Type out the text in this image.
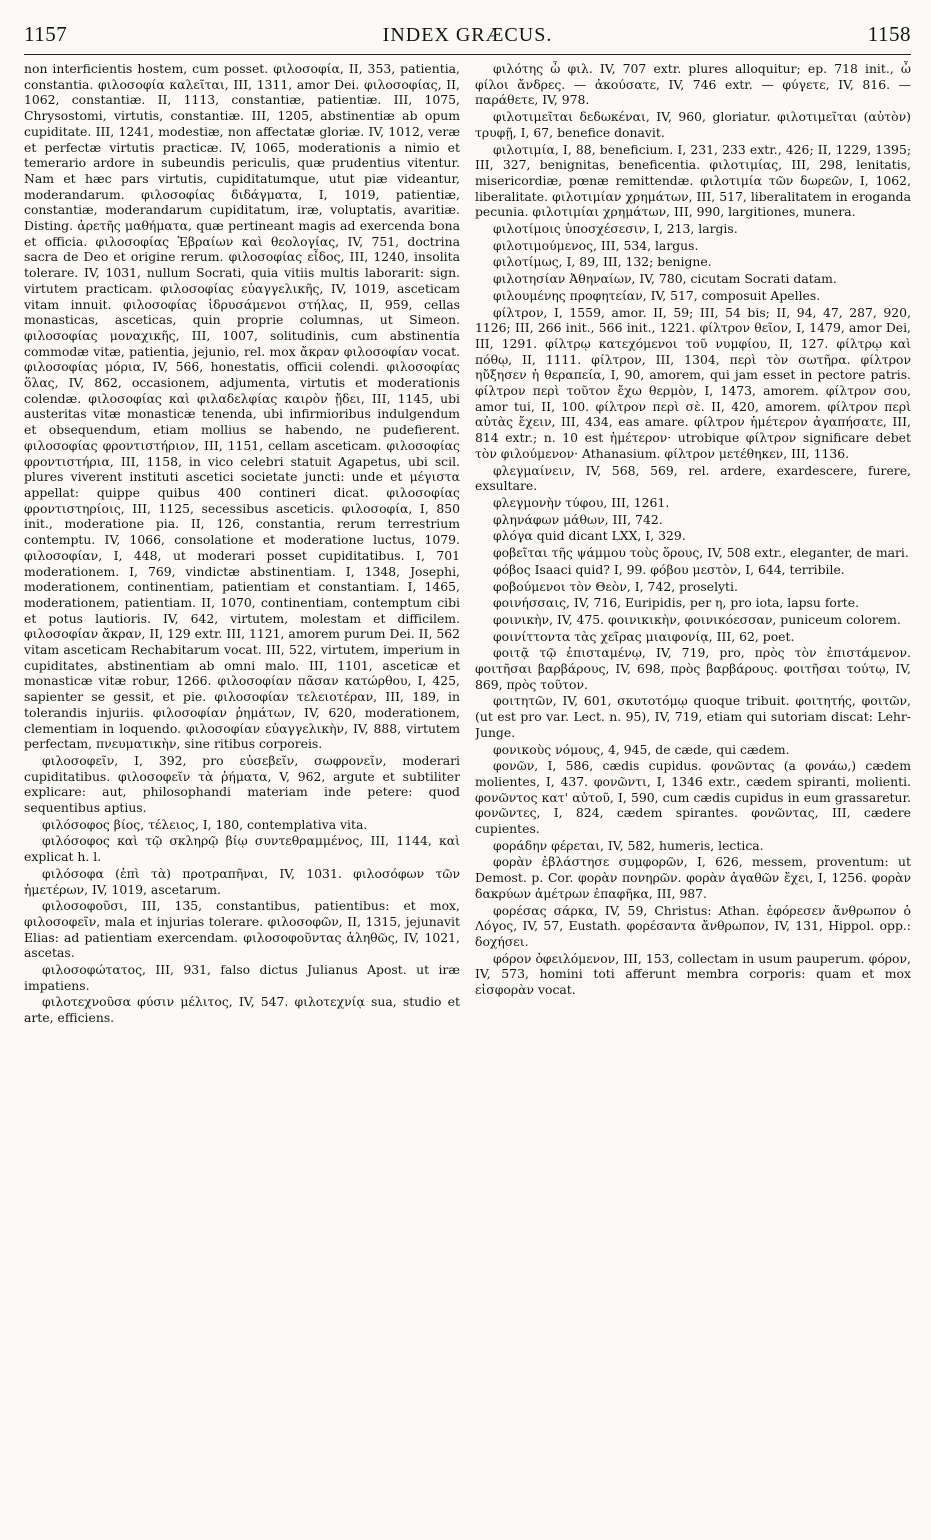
1157	INDEX GRÆCUS.	1158

non interficientis hostem, cum posset. φιλοσοφία, II, 353, patientia, constantia. φιλοσοφία καλεῖται, III, 1311, amor Dei. φιλοσοφίας, II, 1062, constantiæ. II, 1113, constantiæ, patientiæ. III, 1075, Chrysostomi, virtutis, constantiæ. III, 1205, abstinentiæ ab opum cupiditate. III, 1241, modestiæ, non affectatæ gloriæ. IV, 1012, veræ et perfectæ virtutis practicæ. IV, 1065, moderationis a nimio et temerario ardore in subeundis periculis, quæ prudentius vitentur. Nam et hæc pars virtutis, cupiditatumque, utut piæ videantur, moderandarum. φιλοσοφίας διδάγματα, I, 1019, patientiæ, constantiæ, moderandarum cupiditatum, iræ, voluptatis, avaritiæ. Disting. ἀρετῆς μαθήματα, quæ pertineant magis ad exercenda bona et officia. φιλοσοφίας Ἑβραίων καὶ θεολογίας, IV, 751, doctrina sacra de Deo et origine rerum. φιλοσοφίας εἶδος, III, 1240, insolita tolerare. IV, 1031, nullum Socrati, quia vitiis multis laborarit: sign. virtutem practicam. φιλοσοφίας εὐαγγελικῆς, IV, 1019, asceticam vitam innuit. φιλοσοφίας ἱδρυσάμενοι στήλας, II, 959, cellas monasticas, asceticas, quin proprie columnas, ut Simeon. φιλοσοφίας μοναχικῆς, III, 1007, solitudinis, cum abstinentia commodæ vitæ, patientia, jejunio, rel. mox ἄκραν φιλοσοφίαν vocat. φιλοσοφίας μόρια, IV, 566, honestatis, officii colendi. φιλοσοφίας ὅλας, IV, 862, occasionem, adjumenta, virtutis et moderationis colendæ. φιλοσοφίας καὶ φιλαδελφίας καιρὸν ᾔδει, III, 1145, ubi austeritas vitæ monasticæ tenenda, ubi infirmioribus indulgendum et obsequendum, etiam mollius se habendo, ne pudefierent. φιλοσοφίας φροντιστήριον, III, 1151, cellam asceticam. φιλοσοφίας φροντιστήρια, III, 1158, in vico celebri statuit Agapetus, ubi scil. plures viverent instituti ascetici societate juncti: unde et μέγιστα appellat: quippe quibus 400 contineri dicat. φιλοσοφίας φροντιστηρίοις, III, 1125, secessibus asceticis. φιλοσοφία, I, 850 init., moderatione pia. II, 126, constantia, rerum terrestrium contemptu. IV, 1066, consolatione et moderatione luctus, 1079. φιλοσοφίαν, I, 448, ut moderari posset cupiditatibus. I, 701 moderationem. I, 769, vindictæ abstinentiam. I, 1348, Josephi, moderationem, continentiam, patientiam et constantiam. I, 1465, moderationem, patientiam. II, 1070, continentiam, contemptum cibi et potus lautioris. IV, 642, virtutem, molestam et difficilem. φιλοσοφίαν ἄκραν, II, 129 extr. III, 1121, amorem purum Dei. II, 562 vitam asceticam Rechabitarum vocat. III, 522, virtutem, imperium in cupiditates, abstinentiam ab omni malo. III, 1101, asceticæ et monasticæ vitæ robur, 1266. φιλοσοφίαν πᾶσαν κατώρθου, I, 425, sapienter se gessit, et pie. φιλοσοφίαν τελειοτέραν, III, 189, in tolerandis injuriis. φιλοσοφίαν ῥημάτων, IV, 620, moderationem, clementiam in loquendo. φιλοσοφίαν εὐαγγελικὴν, IV, 888, virtutem perfectam, πνευματικὴν, sine ritibus corporeis.

φιλοσοφεῖν, I, 392, pro εὐσεβεῖν, σωφρονεῖν, moderari cupiditatibus. φιλοσοφεῖν τὰ ῥήματα, V, 962, argute et subtiliter explicare: aut, philosophandi materiam inde petere: quod sequentibus aptius.

φιλόσοφος βίος, τέλειος, I, 180, contemplativa vita.

φιλόσοφος καὶ τῷ σκληρῷ βίῳ συντεθραμμένος, III, 1144, καὶ explicat h. l.

φιλόσοφα (ἐπὶ τὰ) προτραπῆναι, IV, 1031. φιλοσόφων τῶν ἡμετέρων, IV, 1019, ascetarum.

φιλοσοφοῦσι, III, 135, constantibus, patientibus: et mox, φιλοσοφεῖν, mala et injurias tolerare. φιλοσοφῶν, II, 1315, jejunavit Elias: ad patientiam exercendam. φιλοσοφοῦντας ἀληθῶς, IV, 1021, ascetas.

φιλοσοφώτατος, III, 931, falso dictus Julianus Apost. ut iræ impatiens.

φιλοτεχνοῦσα φύσιν μέλιτος, IV, 547. φιλοτεχνίᾳ sua, studio et arte, efficiens.

φιλότης ὦ φιλ. IV, 707 extr. plures alloquitur; ep. 718 init., ὦ φίλοι ἄνδρες. — ἀκούσατε, IV, 746 extr. — φύγετε, IV, 816. — παράθετε, IV, 978.

φιλοτιμεῖται δεδωκέναι, IV, 960, gloriatur. φιλοτιμεῖται (αὐτὸν) τρυφῇ, I, 67, benefice donavit.

φιλοτιμία, I, 88, beneficium. I, 231, 233 extr., 426; II, 1229, 1395; III, 327, benignitas, beneficentia. φιλοτιμίας, III, 298, lenitatis, misericordiæ, pœnæ remittendæ. φιλοτιμία τῶν δωρεῶν, I, 1062, liberalitate. φιλοτιμίαν χρημάτων, III, 517, liberalitatem in eroganda pecunia. φιλοτιμίαι χρημάτων, III, 990, largitiones, munera.

φιλοτίμοις ὑποσχέσεσιν, I, 213, largis.

φιλοτιμούμενος, III, 534, largus.

φιλοτίμως, I, 89, III, 132; benigne.

φιλοτησίαν Ἀθηναίων, IV, 780, cicutam Socrati datam.

φιλουμένης προφητείαν, IV, 517, composuit Apelles.

φίλτρον, I, 1559, amor. II, 59; III, 54 bis; II, 94, 47, 287, 920, 1126; III, 266 init., 566 init., 1221. φίλτρον θεῖον, I, 1479, amor Dei, III, 1291. φίλτρῳ κατεχόμενοι τοῦ νυμφίου, II, 127. φίλτρῳ καὶ πόθῳ, II, 1111. φίλτρον, III, 1304, περὶ τὸν σωτῆρα. φίλτρον ηὔξησεν ἡ θεραπεία, I, 90, amorem, qui jam esset in pectore patris. φίλτρον περὶ τοῦτον ἔχω θερμὸν, I, 1473, amorem. φίλτρον σου, amor tui, II, 100. φίλτρον περὶ σὲ. II, 420, amorem. φίλτρον περὶ αὐτὰς ἔχειν, III, 434, eas amare. φίλτρον ἡμέτερον ἀγαπήσατε, III, 814 extr.; n. 10 est ἡμέτερον· utrobique φίλτρον significare debet τὸν φιλούμενον· Athanasium. φίλτρον μετέθηκεν, III, 1136.

φλεγμαίνειν, IV, 568, 569, rel. ardere, exardescere, furere, exsultare.

φλεγμονὴν τύφου, III, 1261.

φληνάφων μάθων, III, 742.

φλόγα quid dicant LXX, I, 329.

φοβεῖται τῆς ψάμμου τοὺς ὅρους, IV, 508 extr., eleganter, de mari.

φόβος Isaaci quid? I, 99. φόβου μεστὸν, I, 644, terribile.

φοβούμενοι τὸν Θεὸν, I, 742, proselyti.

φοινήσσαις, IV, 716, Euripidis, per η, pro iota, lapsu forte.

φοινικὴν, IV, 475. φοινικικὴν, φοινικόεσσαν, puniceum colorem.

φοινίττοντα τὰς χεῖρας μιαιφονίᾳ, III, 62, poet.

φοιτᾷ τῷ ἐπισταμένῳ, IV, 719, pro, πρὸς τὸν ἐπιστάμενον. φοιτῆσαι βαρβάρους, IV, 698, πρὸς βαρβάρους. φοιτῆσαι τούτῳ, IV, 869, πρὸς τοῦτον.

φοιτητῶν, IV, 601, σκυτοτόμῳ quoque tribuit. φοιτητής, φοιτῶν, (ut est pro var. Lect. n. 95), IV, 719, etiam qui sutoriam discat: Lehr-Junge.

φονικοὺς νόμους, 4, 945, de cæde, qui cædem.

φονῶν, I, 586, cædis cupidus. φονῶντας (a φονάω,) cædem molientes, I, 437. φονῶντι, I, 1346 extr., cædem spiranti, molienti. φονῶντος κατ' αὐτοῦ, I, 590, cum cædis cupidus in eum grassaretur. φονῶντες, I, 824, cædem spirantes. φονῶντας, III, cædere cupientes.

φοράδην φέρεται, IV, 582, humeris, lectica.

φορὰν ἐβλάστησε συμφορῶν, I, 626, messem, proventum: ut Demost. p. Cor. φορὰν πονηρῶν. φορὰν ἀγαθῶν ἔχει, I, 1256. φορὰν δακρύων ἀμέτρων ἐπαφῆκα, III, 987.

φορέσας σάρκα, IV, 59, Christus: Athan. ἐφόρεσεν ἄνθρωπον ὁ Λόγος, IV, 57, Eustath. φορέσαντα ἄνθρωπον, IV, 131, Hippol. opp.: δοχήσει.

φόρον ὀφειλόμενον, III, 153, collectam in usum pauperum. φόρον, IV, 573, homini toti afferunt membra corporis: quam et mox εἰσφορὰν vocat.
